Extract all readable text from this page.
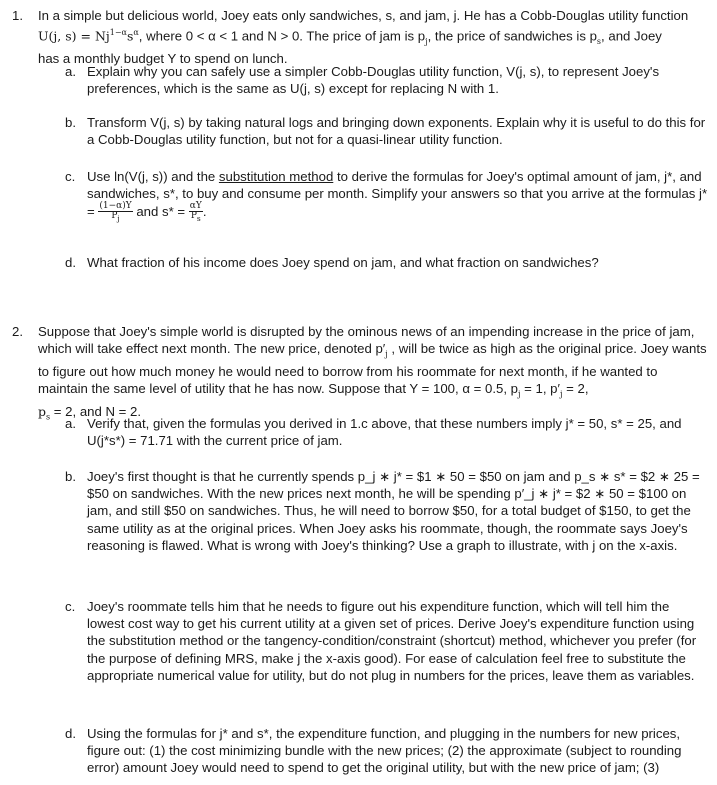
1. In a simple but delicious world, Joey eats only sandwiches, s, and jam, j. He has a Cobb-Douglas utility function
U(j, $s) = Nj^{1-\alpha}s^\alpha$, where 0 < α < 1 and N > 0. The price of jam is $p_j$, the price of sandwiches is $p_s$, and Joey
has a monthly budget Y to spend on lunch.
a. Explain why you can safely use a simpler Cobb-Douglas utility function, V(j, s), to represent Joey's preferences, which is the same as U(j, s) except for replacing N with 1.
b. Transform V(j, s) by taking natural logs and bringing down exponents. Explain why it is useful to do this for a Cobb-Douglas utility function, but not for a quasi-linear utility function.
c. Use ln(V(j, s)) and the substitution method to derive the formulas for Joey's optimal amount of jam, j*, and sandwiches, s*, to buy and consume per month. Simplify your answers so that you arrive at the formulas $j* = \frac{(1-\alpha)Y}{P_j}$ and $s* = \frac{\alpha Y}{P_s}$ .
d. What fraction of his income does Joey spend on jam, and what fraction on sandwiches?
2. Suppose that Joey's simple world is disrupted by the ominous news of an impending increase in the price of jam, which will take effect next month. The new price, denoted $p'_j$ , will be twice as high as the original price. Joey wants to figure out how much money he would need to borrow from his roommate for next month, if he wanted to maintain the same level of utility that he has now. Suppose that Y = 100, α = 0.5, $p_j = 1$, $p'_j = 2$,
$p_s = 2$, and N = 2.
a. Verify that, given the formulas you derived in 1.c above, that these numbers imply j* = 50, s* = 25, and U(j*s*) = 71.71 with the current price of jam.
b. Joey's first thought is that he currently spends p_j ∗ j* = $1 ∗ 50 = $50 on jam and p_s ∗ s* = $2 ∗ 25 = $50 on sandwiches. With the new prices next month, he will be spending p′_j ∗ j* = $2 ∗ 50 = $100 on jam, and still $50 on sandwiches. Thus, he will need to borrow $50, for a total budget of $150, to get the same utility as at the original prices. When Joey asks his roommate, though, the roommate says Joey's reasoning is flawed. What is wrong with Joey's thinking? Use a graph to illustrate, with j on the x-axis.
c. Joey's roommate tells him that he needs to figure out his expenditure function, which will tell him the lowest cost way to get his current utility at a given set of prices. Derive Joey's expenditure function using the substitution method or the tangency-condition/constraint (shortcut) method, whichever you prefer (for the purpose of defining MRS, make j the x-axis good). For ease of calculation feel free to substitute the appropriate numerical value for utility, but do not plug in numbers for the prices, leave them as variables.
d. Using the formulas for j* and s*, the expenditure function, and plugging in the numbers for new prices, figure out: (1) the cost minimizing bundle with the new prices; (2) the approximate (subject to rounding error) amount Joey would need to spend to get the original utility, but with the new price of jam; (3)
